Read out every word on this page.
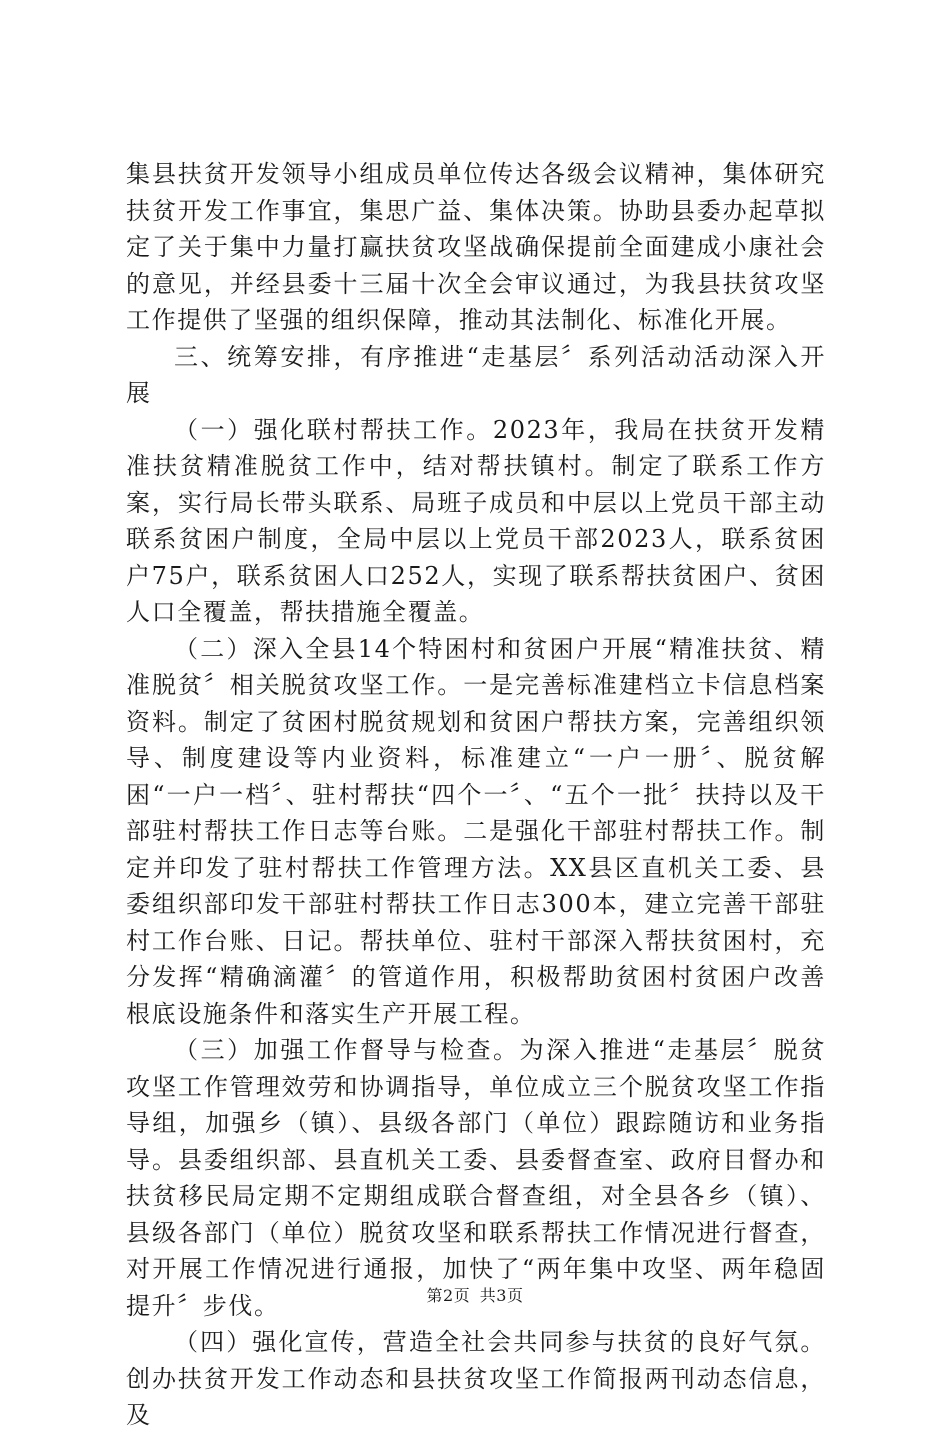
集县扶贫开发领导小组成员单位传达各级会议精神，集体研究扶贫开发工作事宜，集思广益、集体决策。协助县委办起草拟定了关于集中力量打赢扶贫攻坚战确保提前全面建成小康社会的意见，并经县委十三届十次全会审议通过，为我县扶贫攻坚工作提供了坚强的组织保障，推动其法制化、标准化开展。

三、统筹安排，有序推进“走基层〞系列活动活动深入开展

（一）强化联村帮扶工作。2023年，我局在扶贫开发精准扶贫精准脱贫工作中，结对帮扶镇村。制定了联系工作方案，实行局长带头联系、局班子成员和中层以上党员干部主动联系贫困户制度，全局中层以上党员干部2023人，联系贫困户75户，联系贫困人口252人，实现了联系帮扶贫困户、贫困人口全覆盖，帮扶措施全覆盖。

（二）深入全县14个特困村和贫困户开展“精准扶贫、精准脱贫〞相关脱贫攻坚工作。一是完善标准建档立卡信息档案资料。制定了贫困村脱贫规划和贫困户帮扶方案，完善组织领导、制度建设等内业资料，标准建立“一户一册〞、脱贫解困“一户一档〞、驻村帮扶“四个一〞、“五个一批〞扶持以及干部驻村帮扶工作日志等台账。二是强化干部驻村帮扶工作。制定并印发了驻村帮扶工作管理方法。XX县区直机关工委、县委组织部印发干部驻村帮扶工作日志300本，建立完善干部驻村工作台账、日记。帮扶单位、驻村干部深入帮扶贫困村，充分发挥“精确滴灌〞的管道作用，积极帮助贫困村贫困户改善根底设施条件和落实生产开展工程。

（三）加强工作督导与检查。为深入推进“走基层〞脱贫攻坚工作管理效劳和协调指导，单位成立三个脱贫攻坚工作指导组，加强乡（镇）、县级各部门（单位）跟踪随访和业务指导。县委组织部、县直机关工委、县委督查室、政府目督办和扶贫移民局定期不定期组成联合督查组，对全县各乡（镇）、县级各部门（单位）脱贫攻坚和联系帮扶工作情况进行督查，对开展工作情况进行通报，加快了“两年集中攻坚、两年稳固提升〞步伐。

（四）强化宣传，营造全社会共同参与扶贫的良好气氛。创办扶贫开发工作动态和县扶贫攻坚工作简报两刊动态信息，及

第2页 共3页
